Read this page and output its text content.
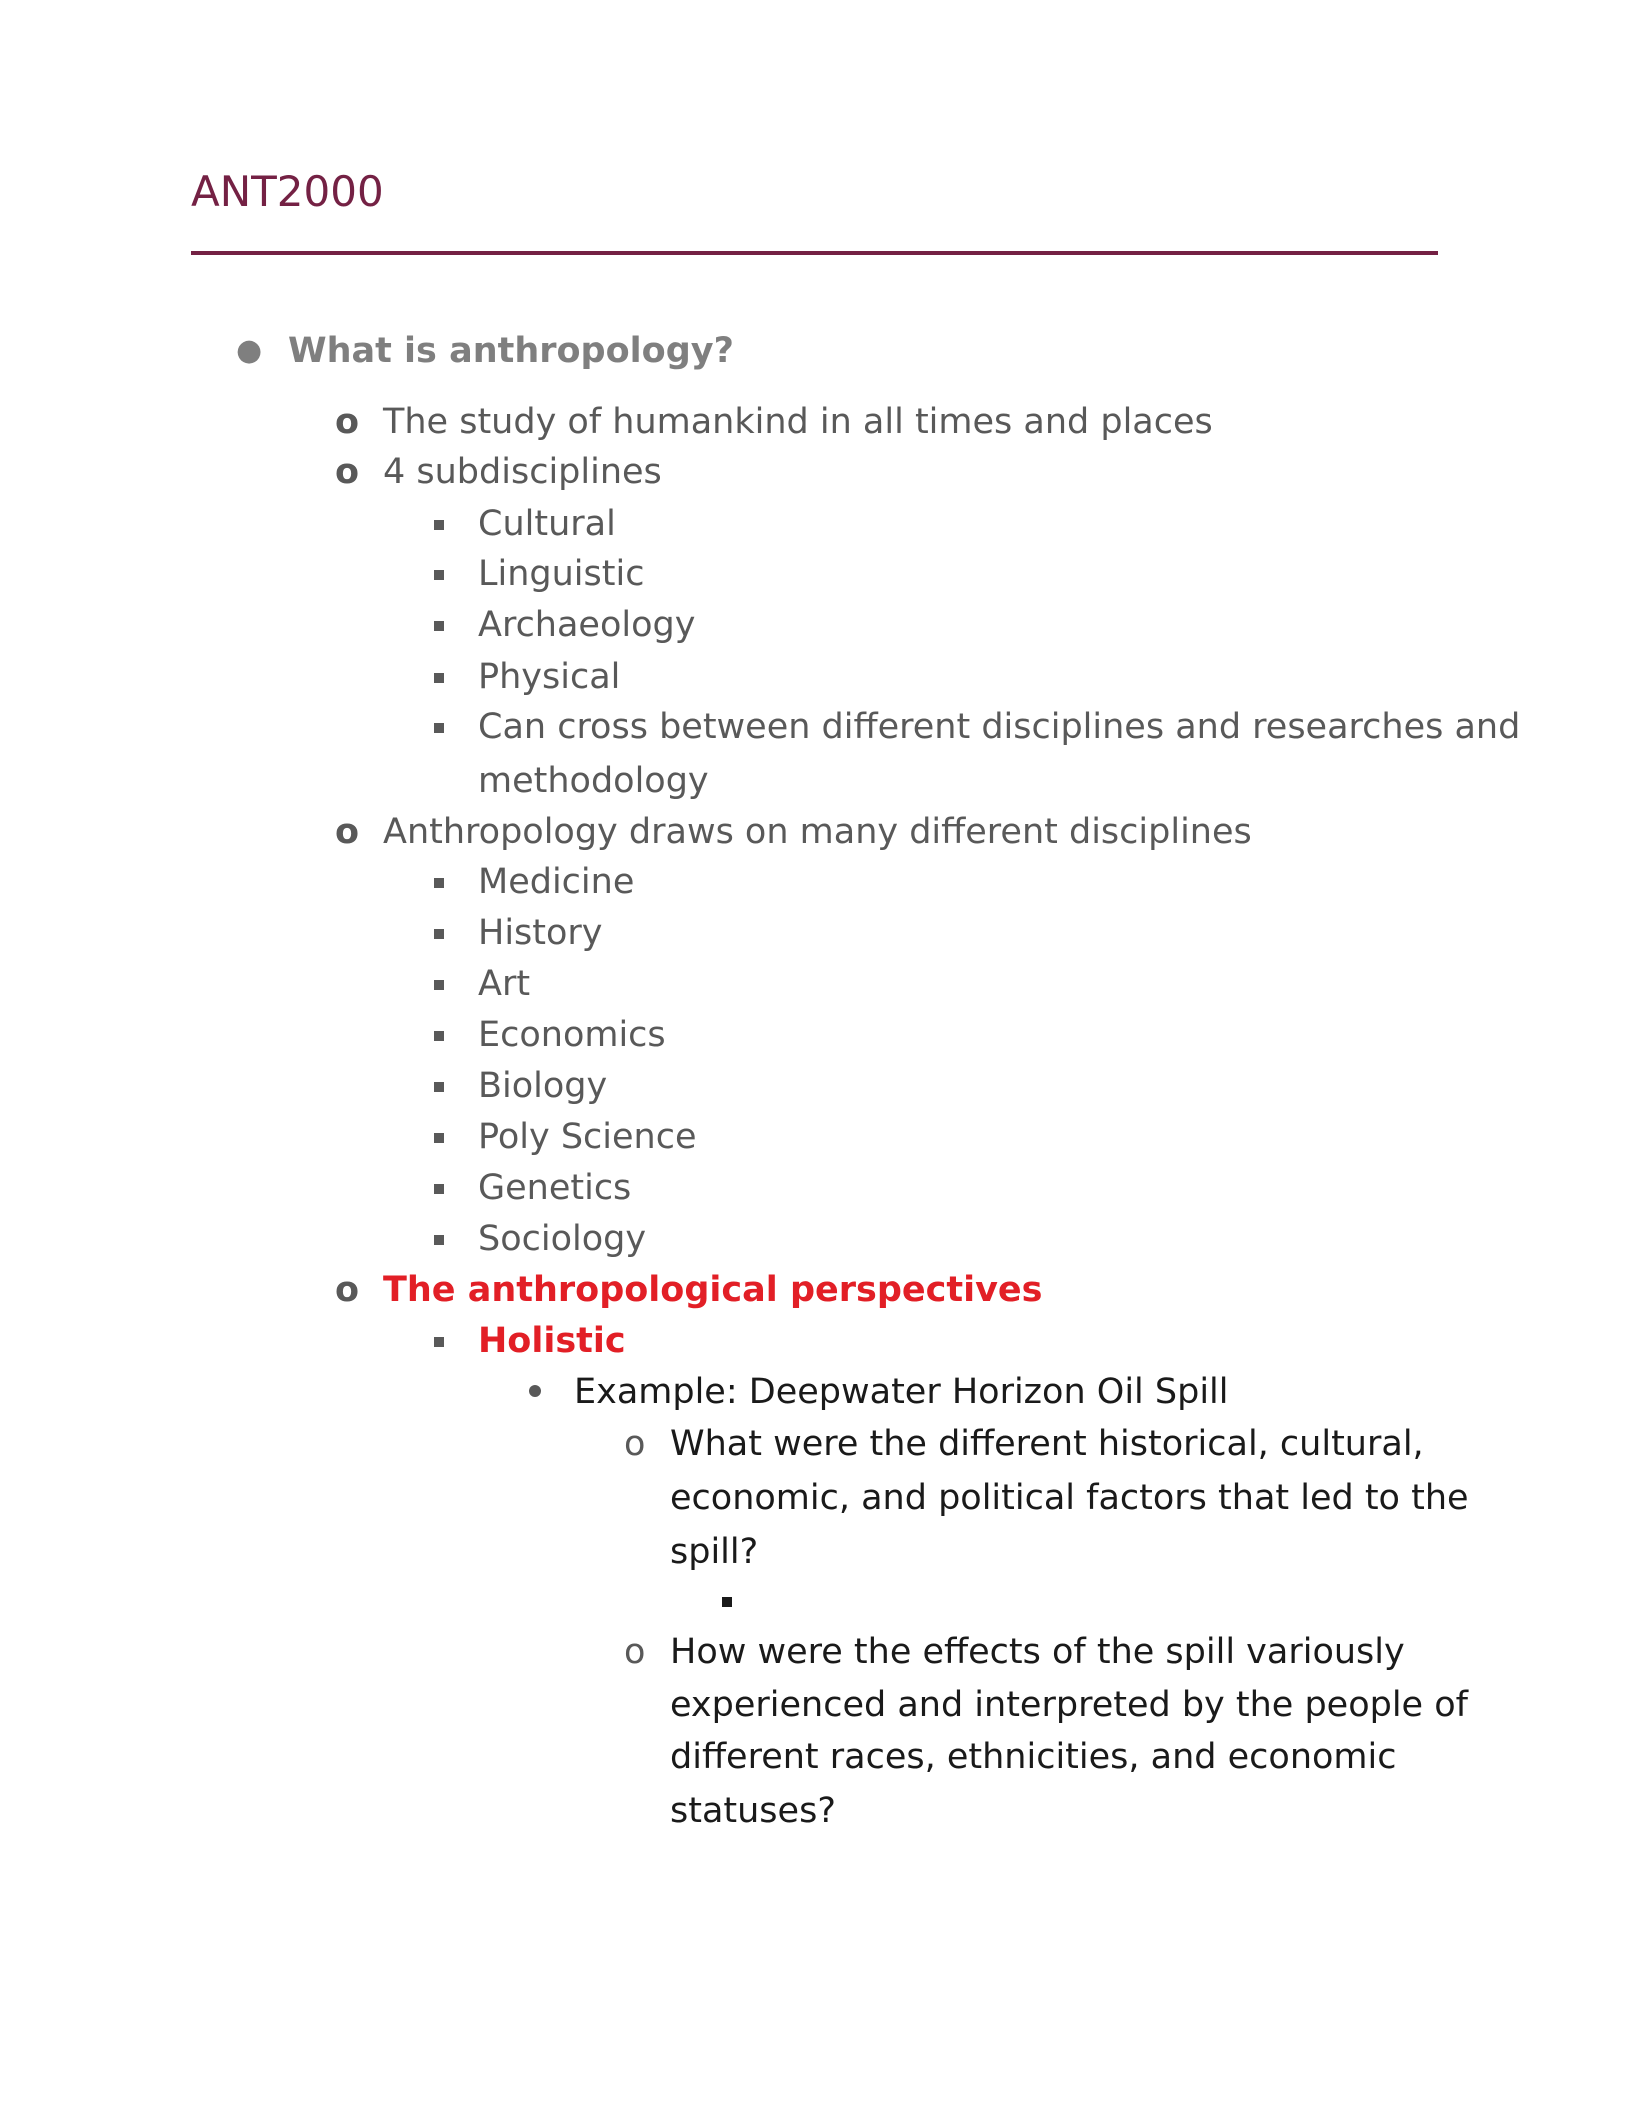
ANT2000
● What is anthropology?
o The study of humankind in all times and places
o 4 subdisciplines
Cultural
Linguistic
Archaeology
Physical
Can cross between different disciplines and researches and
methodology
o Anthropology draws on many different disciplines
Medicine
History
Art
Economics
Biology
Poly Science
Genetics
Sociology
o The anthropological perspectives
Holistic
Example: Deepwater Horizon Oil Spill
o What were the different historical, cultural,
economic, and political factors that led to the
spill?
o How were the effects of the spill variously
experienced and interpreted by the people of
different races, ethnicities, and economic
statuses?
